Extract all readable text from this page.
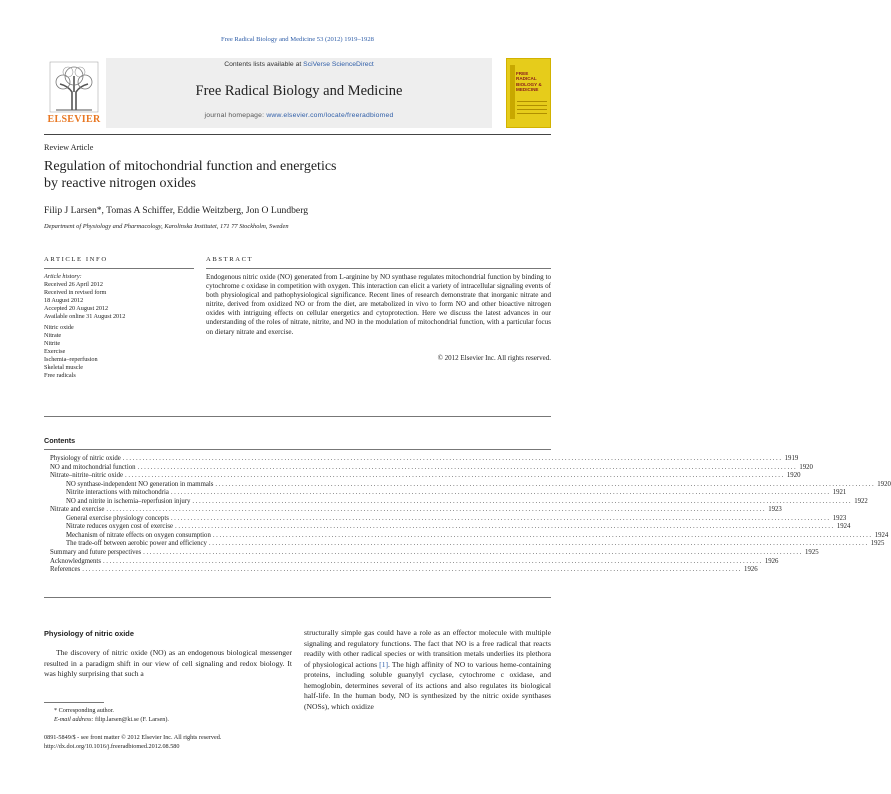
Free Radical Biology and Medicine 53 (2012) 1919–1928
ELSEVIER
Contents lists available at SciVerse ScienceDirect
Free Radical Biology and Medicine
journal homepage: www.elsevier.com/locate/freeradbiomed
FREE
RADICAL
BIOLOGY &
MEDICINE
Review Article
Regulation of mitochondrial function and energetics
by reactive nitrogen oxides
Filip J Larsen*, Tomas A Schiffer, Eddie Weitzberg, Jon O Lundberg
Department of Physiology and Pharmacology, Karolinska Institutet, 171 77 Stockholm, Sweden
ARTICLE INFO	ABSTRACT
Article history:
Received 26 April 2012
Received in revised form
18 August 2012
Accepted 20 August 2012
Available online 31 August 2012
Nitric oxide
Nitrate
Nitrite
Exercise
Ischemia–reperfusion
Skeletal muscle
Free radicals
Endogenous nitric oxide (NO) generated from L-arginine by NO synthase regulates mitochondrial function by binding to cytochrome c oxidase in competition with oxygen. This interaction can elicit a variety of intracellular signaling events of both physiological and pathophysiological significance. Recent lines of research demonstrate that inorganic nitrate and nitrite, derived from oxidized NO or from the diet, are metabolized in vivo to form NO and other bioactive nitrogen oxides with intriguing effects on cellular energetics and cytoprotection. Here we discuss the latest advances in our understanding of the roles of nitrate, nitrite, and NO in the modulation of mitochondrial function, with a particular focus on dietary nitrate and exercise.
© 2012 Elsevier Inc. All rights reserved.
Contents
Physiology of nitric oxide ........................................................................................................................................................................................................ 1919
NO and mitochondrial function ........................................................................................................................................................................................................ 1920
Nitrate–nitrite–nitric oxide ........................................................................................................................................................................................................ 1920
NO synthase-independent NO generation in mammals ........................................................................................................................................................................................................ 1920
Nitrite interactions with mitochondria ........................................................................................................................................................................................................ 1921
NO and nitrite in ischemia–reperfusion injury ........................................................................................................................................................................................................ 1922
Nitrate and exercise ........................................................................................................................................................................................................ 1923
General exercise physiology concepts ........................................................................................................................................................................................................ 1923
Nitrate reduces oxygen cost of exercise ........................................................................................................................................................................................................ 1924
Mechanism of nitrate effects on oxygen consumption ........................................................................................................................................................................................................ 1924
The trade-off between aerobic power and efficiency ........................................................................................................................................................................................................ 1925
Summary and future perspectives ........................................................................................................................................................................................................ 1925
Acknowledgments ........................................................................................................................................................................................................ 1926
References ........................................................................................................................................................................................................ 1926
Physiology of nitric oxide
The discovery of nitric oxide (NO) as an endogenous biological messenger resulted in a paradigm shift in our view of cell signaling and redox biology. It was highly surprising that such a
structurally simple gas could have a role as an effector molecule with multiple signaling and regulatory functions. The fact that NO is a free radical that reacts readily with other radical species or with transition metals underlies its plethora of physiological actions [1]. The high affinity of NO to various heme-containing proteins, including soluble guanylyl cyclase, cytochrome c oxidase, and hemoglobin, determines several of its actions and also regulates its biological half-life. In the human body, NO is synthesized by the nitric oxide synthases (NOSs), which oxidize
* Corresponding author.
E-mail address: filip.larsen@ki.se (F. Larsen).
0891-5849/$ - see front matter © 2012 Elsevier Inc. All rights reserved.
http://dx.doi.org/10.1016/j.freeradbiomed.2012.08.580
